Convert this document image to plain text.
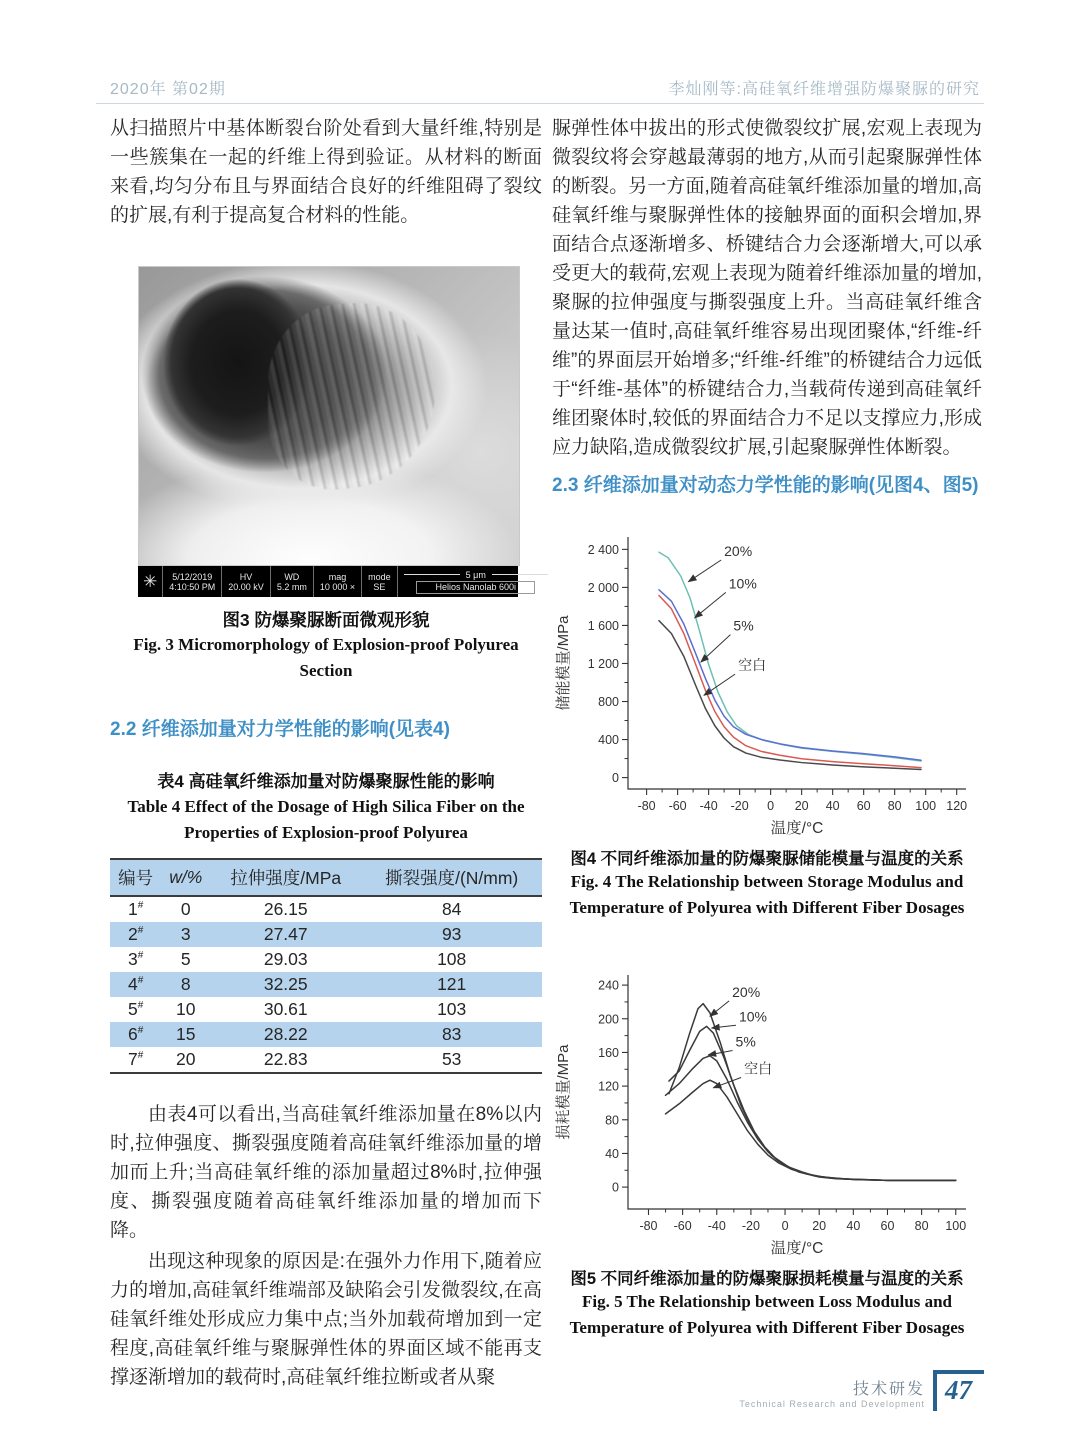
2020年 第02期	李灿刚等:高硅氧纤维增强防爆聚脲的研究

从扫描照片中基体断裂台阶处看到大量纤维,特别是一些簇集在一起的纤维上得到验证。从材料的断面来看,均匀分布且与界面结合良好的纤维阻碍了裂纹的扩展,有利于提高复合材料的性能。

✳	5/12/2019
4:10:50 PM
HV
20.00 kV
WD
5.2 mm
mag
10 000 ×
mode
SE
5 μm
Helios Nanolab 600i
图3 防爆聚脲断面微观形貌
Fig. 3 Micromorphology of Explosion-proof Polyurea
Section
2.2 纤维添加量对力学性能的影响(见表4)
表4 高硅氧纤维添加量对防爆聚脲性能的影响
Table 4 Effect of the Dosage of High Silica Fiber on the
Properties of Explosion-proof Polyurea
编号	w/%	拉伸强度/MPa	撕裂强度/(N/mm)
1#	0	26.15	84
2#	3	27.47	93
3#	5	29.03	108
4#	8	32.25	121
5#	10	30.61	103
6#	15	28.22	83
7#	20	22.83	53

由表4可以看出,当高硅氧纤维添加量在8%以内时,拉伸强度、撕裂强度随着高硅氧纤维添加量的增加而上升;当高硅氧纤维的添加量超过8%时,拉伸强度、撕裂强度随着高硅氧纤维添加量的增加而下降。

出现这种现象的原因是:在强外力作用下,随着应力的增加,高硅氧纤维端部及缺陷会引发微裂纹,在高硅氧纤维处形成应力集中点;当外加载荷增加到一定程度,高硅氧纤维与聚脲弹性体的界面区域不能再支撑逐渐增加的载荷时,高硅氧纤维拉断或者从聚

脲弹性体中拔出的形式使微裂纹扩展,宏观上表现为微裂纹将会穿越最薄弱的地方,从而引起聚脲弹性体的断裂。另一方面,随着高硅氧纤维添加量的增加,高硅氧纤维与聚脲弹性体的接触界面的面积会增加,界面结合点逐渐增多、桥键结合力会逐渐增大,可以承受更大的载荷,宏观上表现为随着纤维添加量的增加,聚脲的拉伸强度与撕裂强度上升。当高硅氧纤维含量达某一值时,高硅氧纤维容易出现团聚体,“纤维-纤维”的界面层开始增多;“纤维-纤维”的桥键结合力远低于“纤维-基体”的桥键结合力,当载荷传递到高硅氧纤维团聚体时,较低的界面结合力不足以支撑应力,形成应力缺陷,造成微裂纹扩展,引起聚脲弹性体断裂。

2.3 纤维添加量对动态力学性能的影响(见图4、图5)
0
400
800
1 200
1 600
2 000
2 400
-80 -60 -40 -20 0 20 40 60 80 100 120
温度/°C
储能模量/MPa
20%
10%
5%
空白
图4 不同纤维添加量的防爆聚脲储能模量与温度的关系
Fig. 4 The Relationship between Storage Modulus and
Temperature of Polyurea with Different Fiber Dosages
0
40
80
120
160
200
240
-80 -60 -40 -20 0 20 40 60 80 100
温度/°C
损耗模量/MPa
20%
10%
5%
空白
图5 不同纤维添加量的防爆聚脲损耗模量与温度的关系
Fig. 5 The Relationship between Loss Modulus and
Temperature of Polyurea with Different Fiber Dosages
技术研发
Technical Research and Development 47
